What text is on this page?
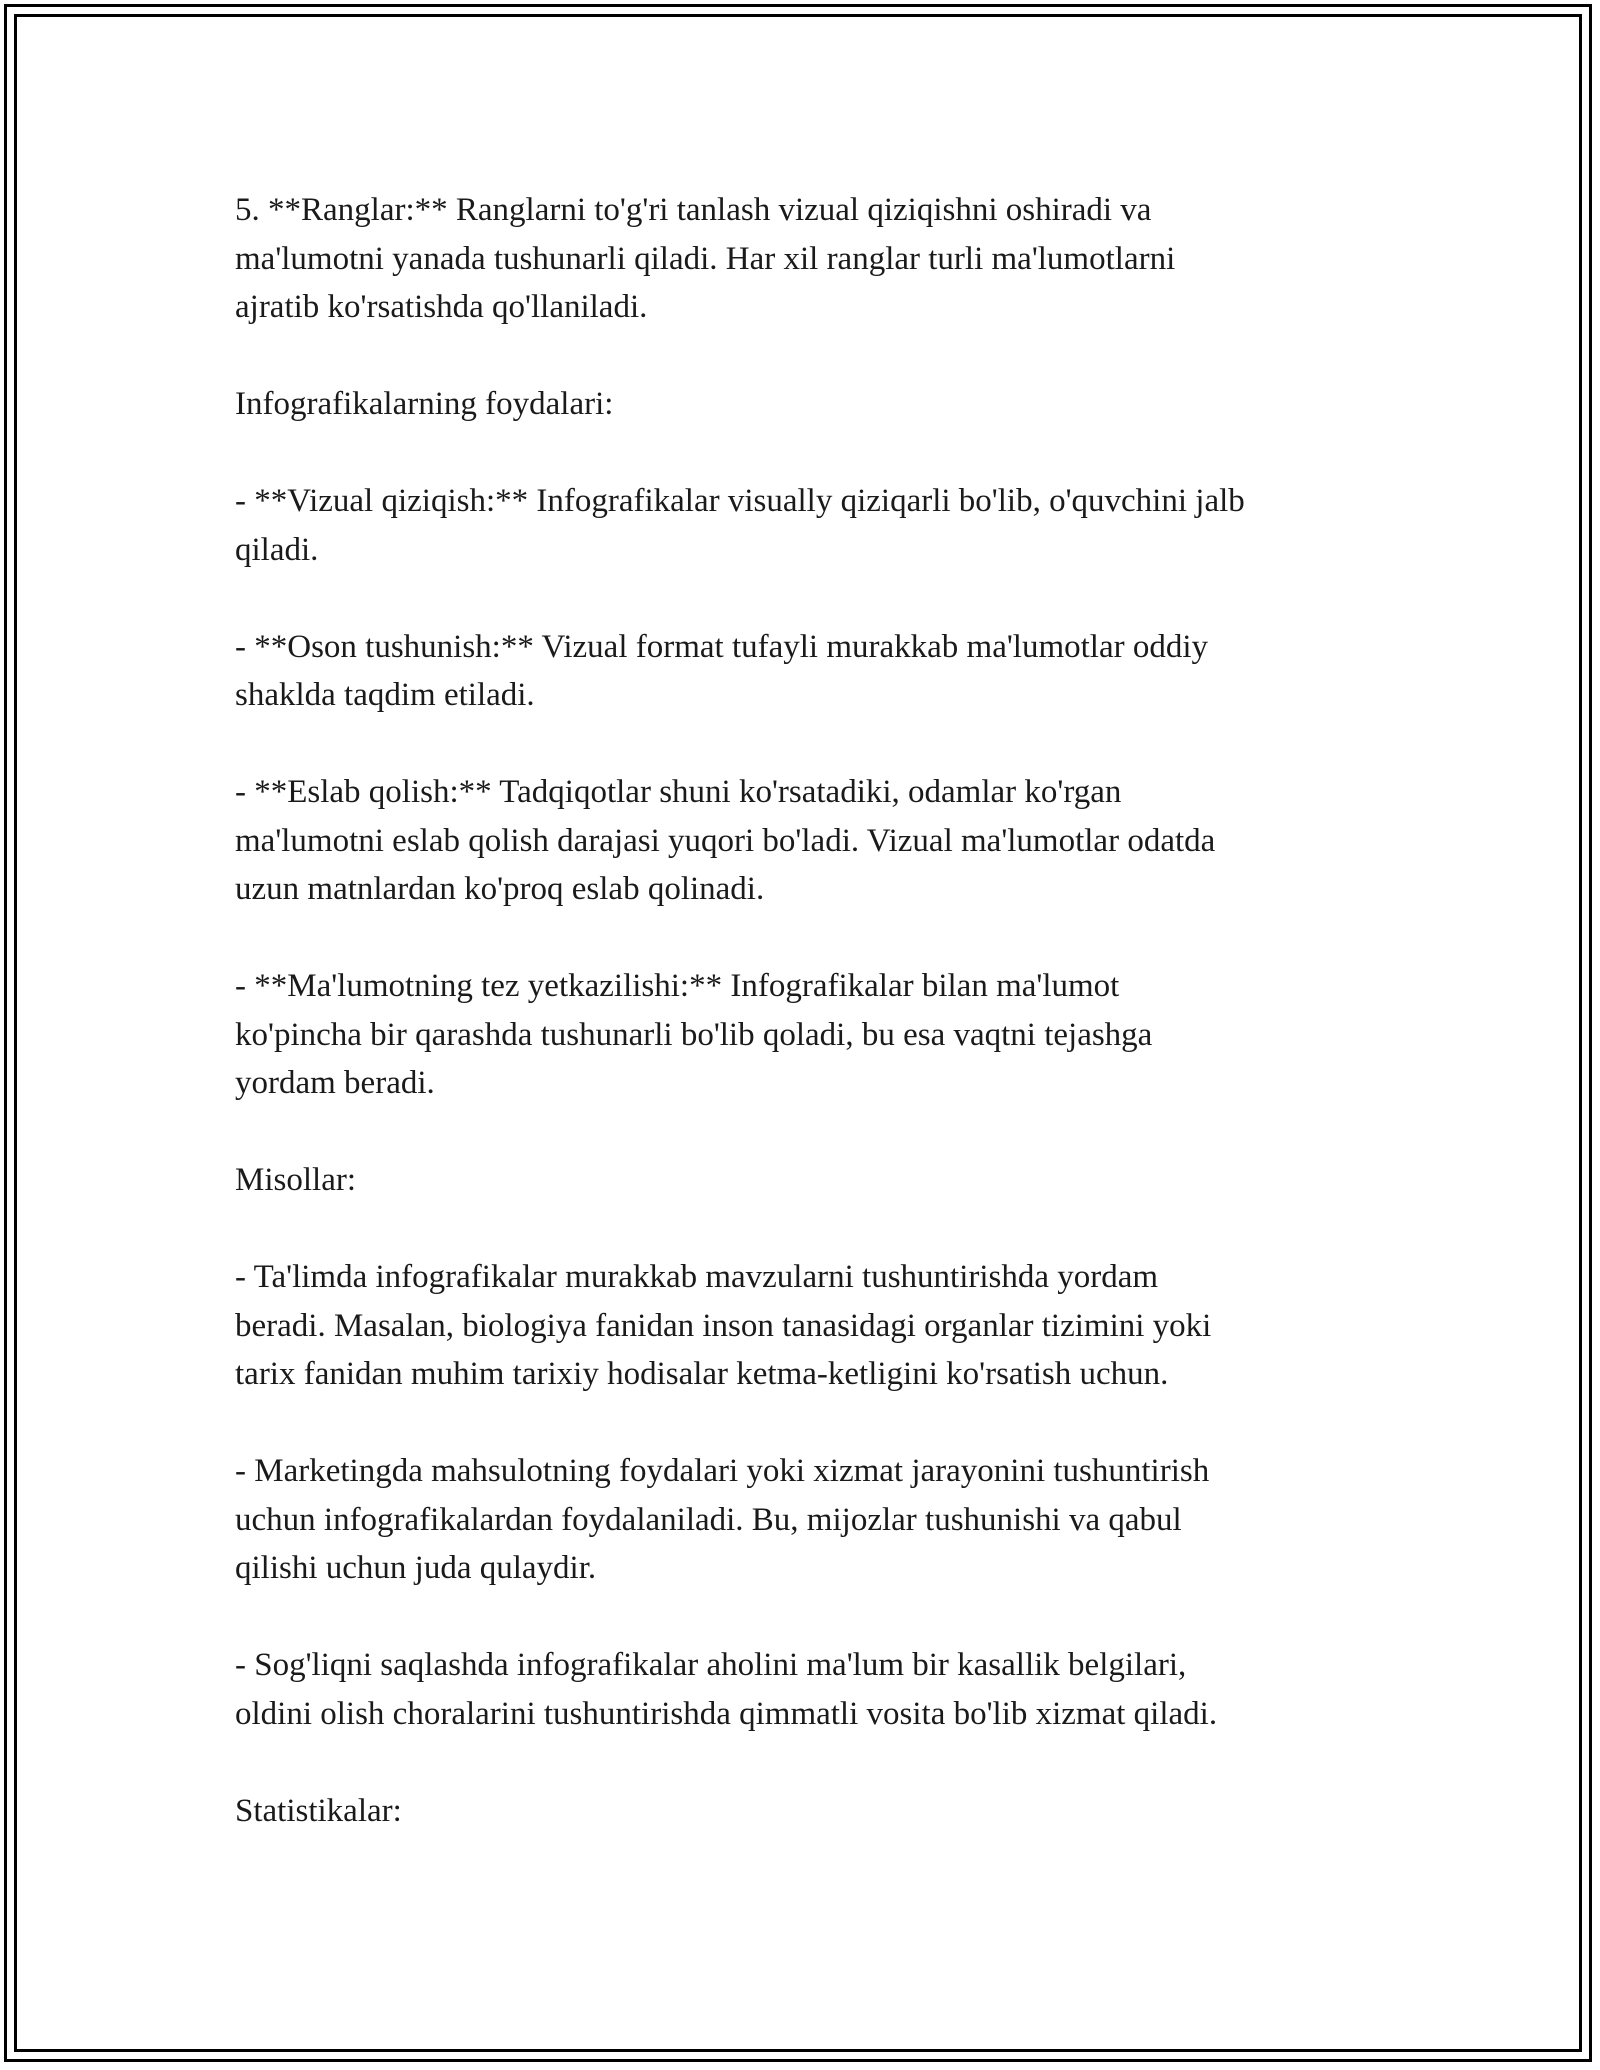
5. **Ranglar:** Ranglarni to'g'ri tanlash vizual qiziqishni oshiradi va
ma'lumotni yanada tushunarli qiladi. Har xil ranglar turli ma'lumotlarni
ajratib ko'rsatishda qo'llaniladi.

Infografikalarning foydalari:

- **Vizual qiziqish:** Infografikalar visually qiziqarli bo'lib, o'quvchini jalb
qiladi.

- **Oson tushunish:** Vizual format tufayli murakkab ma'lumotlar oddiy
shaklda taqdim etiladi.

- **Eslab qolish:** Tadqiqotlar shuni ko'rsatadiki, odamlar ko'rgan
ma'lumotni eslab qolish darajasi yuqori bo'ladi. Vizual ma'lumotlar odatda
uzun matnlardan ko'proq eslab qolinadi.

- **Ma'lumotning tez yetkazilishi:** Infografikalar bilan ma'lumot
ko'pincha bir qarashda tushunarli bo'lib qoladi, bu esa vaqtni tejashga
yordam beradi.

Misollar:

- Ta'limda infografikalar murakkab mavzularni tushuntirishda yordam
beradi. Masalan, biologiya fanidan inson tanasidagi organlar tizimini yoki
tarix fanidan muhim tarixiy hodisalar ketma-ketligini ko'rsatish uchun.

- Marketingda mahsulotning foydalari yoki xizmat jarayonini tushuntirish
uchun infografikalardan foydalaniladi. Bu, mijozlar tushunishi va qabul
qilishi uchun juda qulaydir.

- Sog'liqni saqlashda infografikalar aholini ma'lum bir kasallik belgilari,
oldini olish choralarini tushuntirishda qimmatli vosita bo'lib xizmat qiladi.

Statistikalar:
